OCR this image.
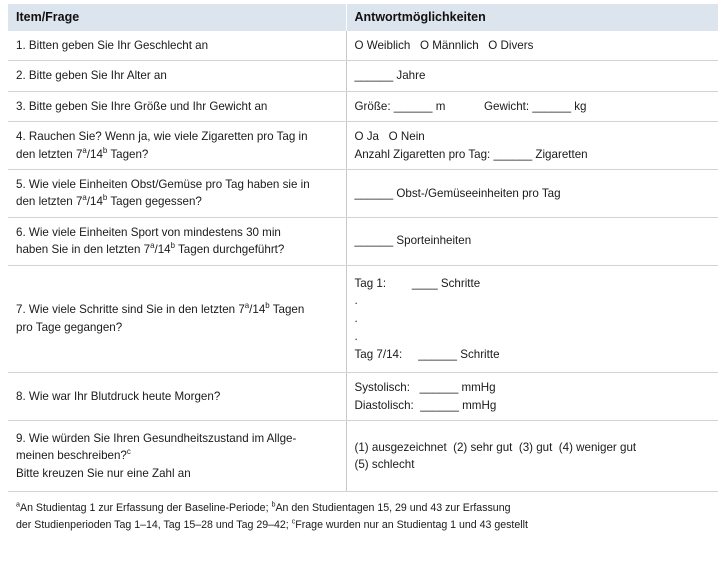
Item/Frage	Antwortmöglichkeiten

1. Bitten geben Sie Ihr Geschlecht an	O Weiblich   O Männlich   O Divers

2. Bitte geben Sie Ihr Alter an	______ Jahre

3. Bitte geben Sie Ihre Größe und Ihr Gewicht an	Größe: ______ m            Gewicht: ______ kg

4. Rauchen Sie? Wenn ja, wie viele Zigaretten pro Tag in
den letzten 7$^a$/14$^b$ Tagen?	O Ja   O Nein
Anzahl Zigaretten pro Tag: ______ Zigaretten

5. Wie viele Einheiten Obst/Gemüse pro Tag haben sie in
den letzten 7$^a$/14$^b$ Tagen gegessen?	______ Obst-/Gemüseeinheiten pro Tag

6. Wie viele Einheiten Sport von mindestens 30 min
haben Sie in den letzten 7$^a$/14$^b$ Tagen durchgeführt?	______ Sporteinheiten

7. Wie viele Schritte sind Sie in den letzten 7$^a$/14$^b$ Tagen
pro Tage gegangen?	Tag 1:        ____ Schritte
.
.
.
Tag 7/14:     ______ Schritte

8. Wie war Ihr Blutdruck heute Morgen?	Systolisch:   ______ mmHg
Diastolisch:  ______ mmHg

9. Wie würden Sie Ihren Gesundheitszustand im Allge-
meinen beschreiben?$^c$
Bitte kreuzen Sie nur eine Zahl an	(1) ausgezeichnet  (2) sehr gut  (3) gut  (4) weniger gut
(5) schlecht

$^a$An Studientag 1 zur Erfassung der Baseline-Periode; $^b$An den Studientagen 15, 29 und 43 zur Erfassung
der Studienperioden Tag 1–14, Tag 15–28 und Tag 29–42; $^c$Frage wurden nur an Studientag 1 und 43 gestellt	
